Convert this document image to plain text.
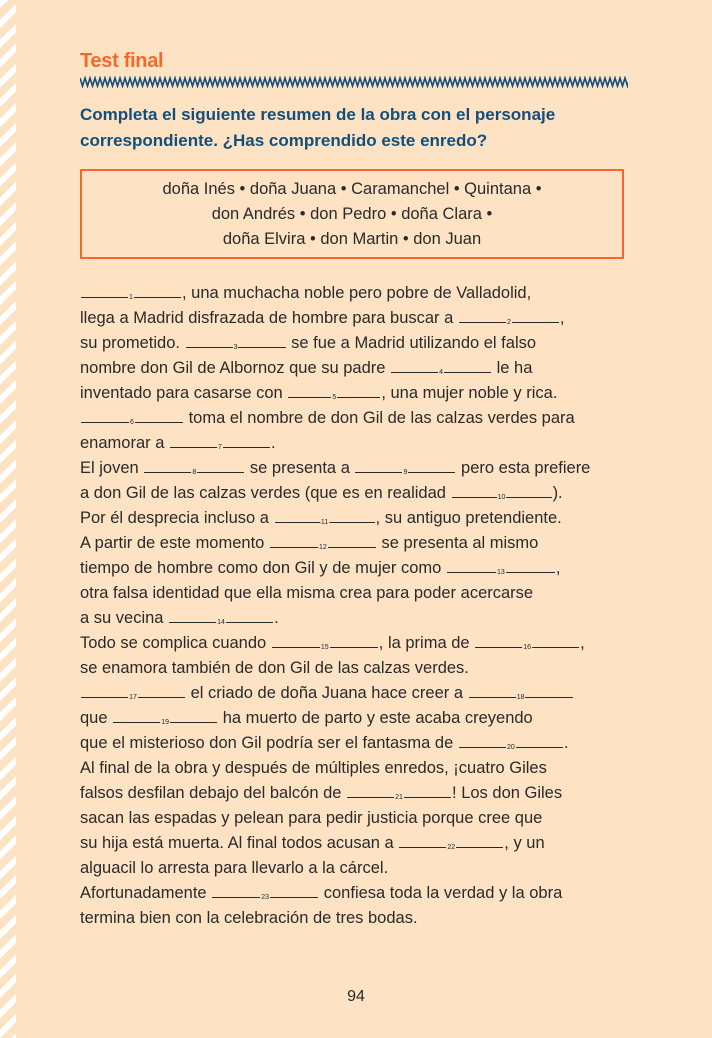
Test final
Completa el siguiente resumen de la obra con el personaje correspondiente. ¿Has comprendido este enredo?
doña Inés • doña Juana • Caramanchel • Quintana •
don Andrés • don Pedro • doña Clara •
doña Elvira • don Martin • don Juan
1	, una muchacha noble pero pobre de Valladolid,
llega a Madrid disfrazada de hombre para buscar a	2	,
su prometido.	3	se fue a Madrid utilizando el falso
nombre don Gil de Albornoz que su padre	4	le ha
inventado para casarse con	5	, una mujer noble y rica.
6	toma el nombre de don Gil de las calzas verdes para
enamorar a	7	.
El joven	8	se presenta a	9	pero esta prefiere
a don Gil de las calzas verdes (que es en realidad	10	).
Por él desprecia incluso a	11	, su antiguo pretendiente.
A partir de este momento	12	se presenta al mismo
tiempo de hombre como don Gil y de mujer como	13	,
otra falsa identidad que ella misma crea para poder acercarse
a su vecina	14	.
Todo se complica cuando	15	, la prima de	16	,
se enamora también de don Gil de las calzas verdes.
17	el criado de doña Juana hace creer a	18
que	19	ha muerto de parto y este acaba creyendo
que el misterioso don Gil podría ser el fantasma de	20	.
Al final de la obra y después de múltiples enredos, ¡cuatro Giles
falsos desfilan debajo del balcón de	21	! Los don Giles
sacan las espadas y pelean para pedir justicia porque cree que
su hija está muerta. Al final todos acusan a	22	, y un
alguacil lo arresta para llevarlo a la cárcel.
Afortunadamente	23	confiesa toda la verdad y la obra
termina bien con la celebración de tres bodas.
94
